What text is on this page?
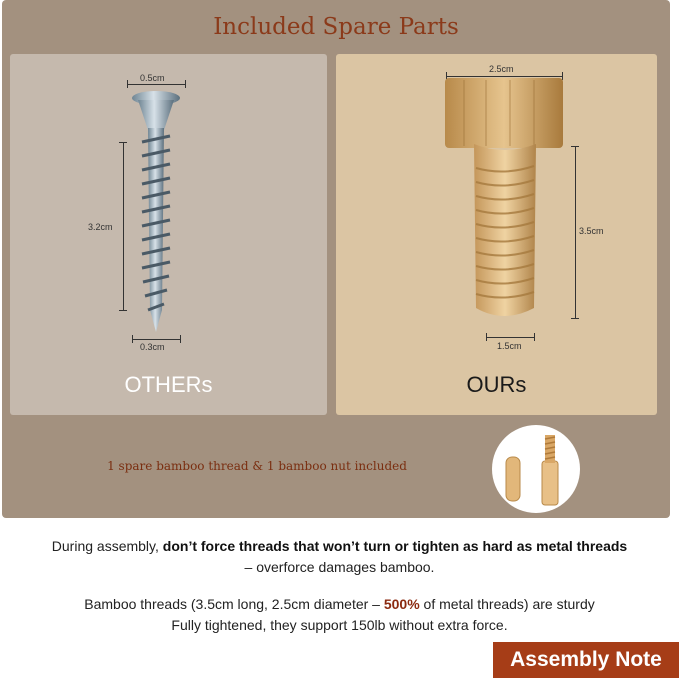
Included Spare Parts
0.5cm
3.2cm
0.3cm
OTHERs
2.5cm
3.5cm
1.5cm
OURs
1 spare bamboo thread & 1 bamboo nut included
During assembly, don’t force threads that won’t turn or tighten as hard as metal threads
– overforce damages bamboo.
Bamboo threads (3.5cm long, 2.5cm diameter – 500% of metal threads) are sturdy
Fully tightened, they support 150lb without extra force.
Assembly Note
